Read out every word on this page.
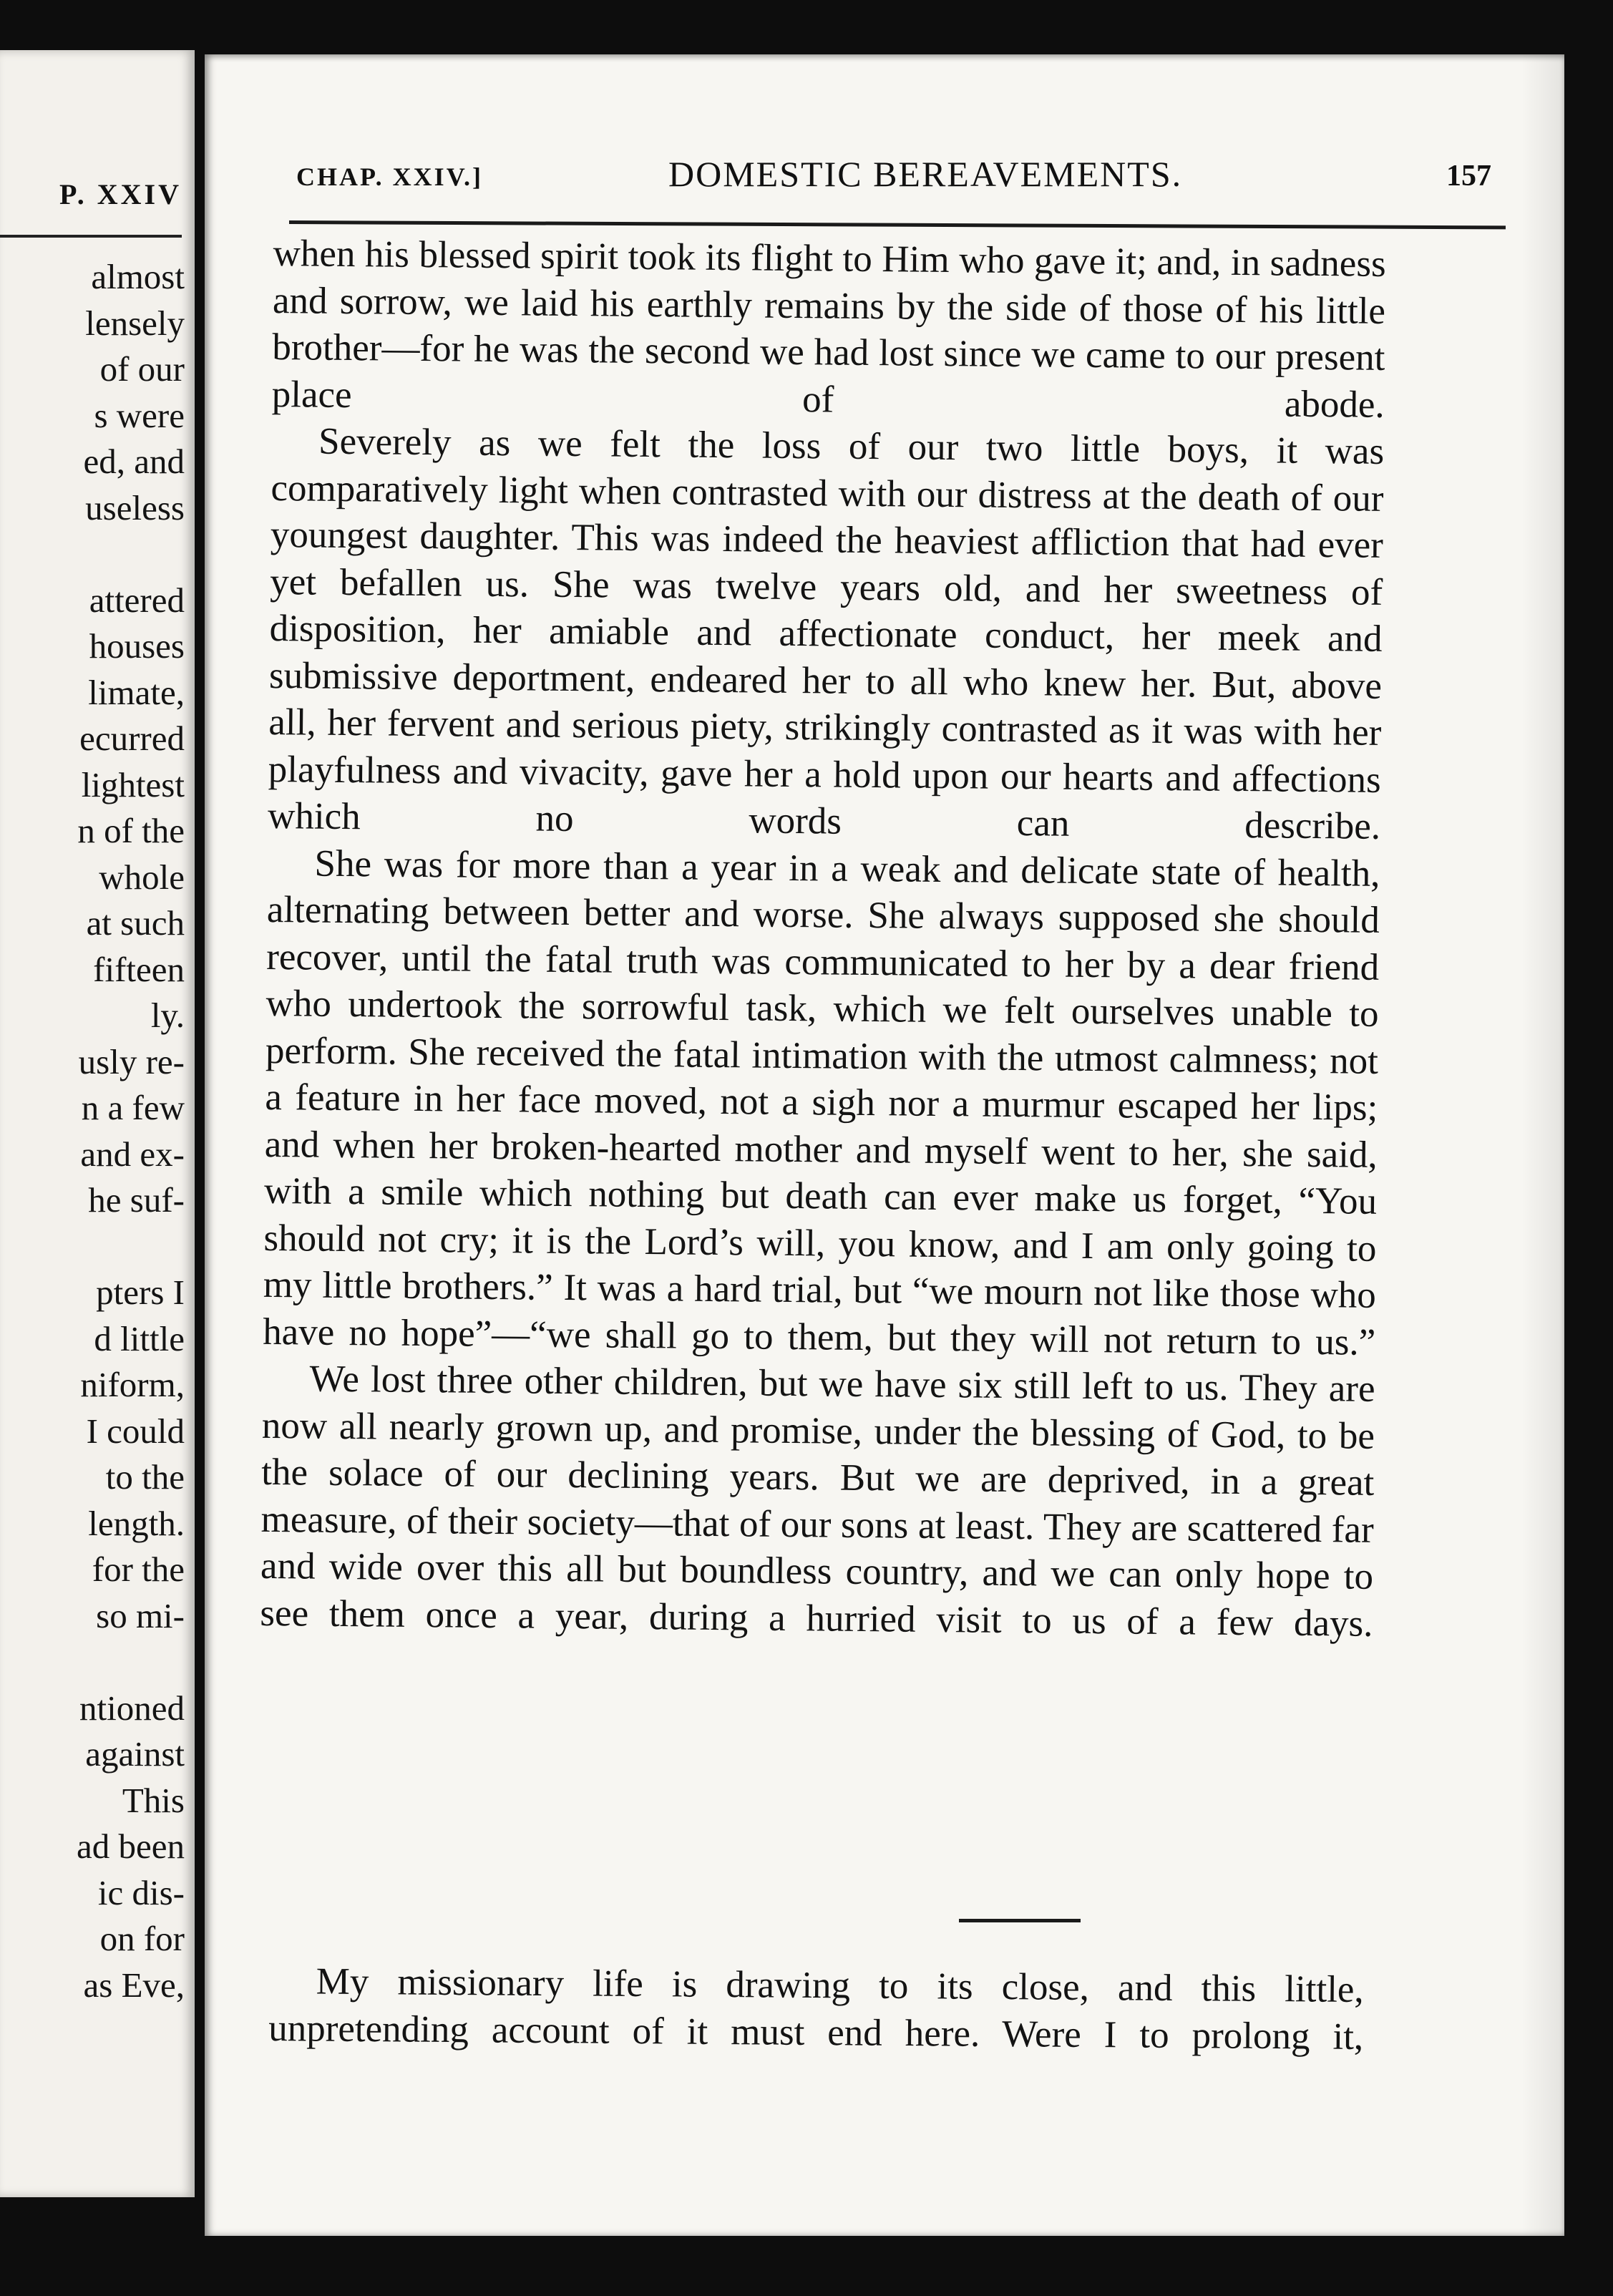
P. XXIV
almost
lensely
of our
s were
ed, and
useless
attered
houses
limate,
ecurred
lightest
n of the
whole
at such
fifteen
ly.
usly re-
n a few
and ex-
he suf-
pters I
d little
niform,
I could
to the
length.
for the
so mi-
ntioned
against
This
ad been
ic dis-
on for
as Eve,
CHAP. XXIV.]	DOMESTIC BEREAVEMENTS.	157

when his blessed spirit took its flight to Him who gave it; and, in sadness and sorrow, we laid his earthly remains by the side of those of his little brother—for he was the second we had lost since we came to our present place of abode.

Severely as we felt the loss of our two little boys, it was comparatively light when contrasted with our distress at the death of our youngest daughter. This was indeed the heaviest affliction that had ever yet befallen us. She was twelve years old, and her sweetness of disposition, her amiable and affectionate conduct, her meek and submissive deportment, endeared her to all who knew her. But, above all, her fervent and serious piety, strikingly contrasted as it was with her playfulness and vivacity, gave her a hold upon our hearts and affections which no words can describe.

She was for more than a year in a weak and delicate state of health, alternating between better and worse. She always supposed she should recover, until the fatal truth was communicated to her by a dear friend who undertook the sorrowful task, which we felt ourselves unable to perform. She received the fatal intimation with the utmost calmness; not a feature in her face moved, not a sigh nor a murmur escaped her lips; and when her broken-hearted mother and myself went to her, she said, with a smile which nothing but death can ever make us forget, “You should not cry; it is the Lord’s will, you know, and I am only going to my little brothers.” It was a hard trial, but “we mourn not like those who have no hope”—“we shall go to them, but they will not return to us.”

We lost three other children, but we have six still left to us. They are now all nearly grown up, and promise, under the blessing of God, to be the solace of our declining years. But we are deprived, in a great measure, of their society—that of our sons at least. They are scattered far and wide over this all but boundless country, and we can only hope to see them once a year, during a hurried visit to us of a few days.

My missionary life is drawing to its close, and this little, unpretending account of it must end here. Were I to prolong it,
